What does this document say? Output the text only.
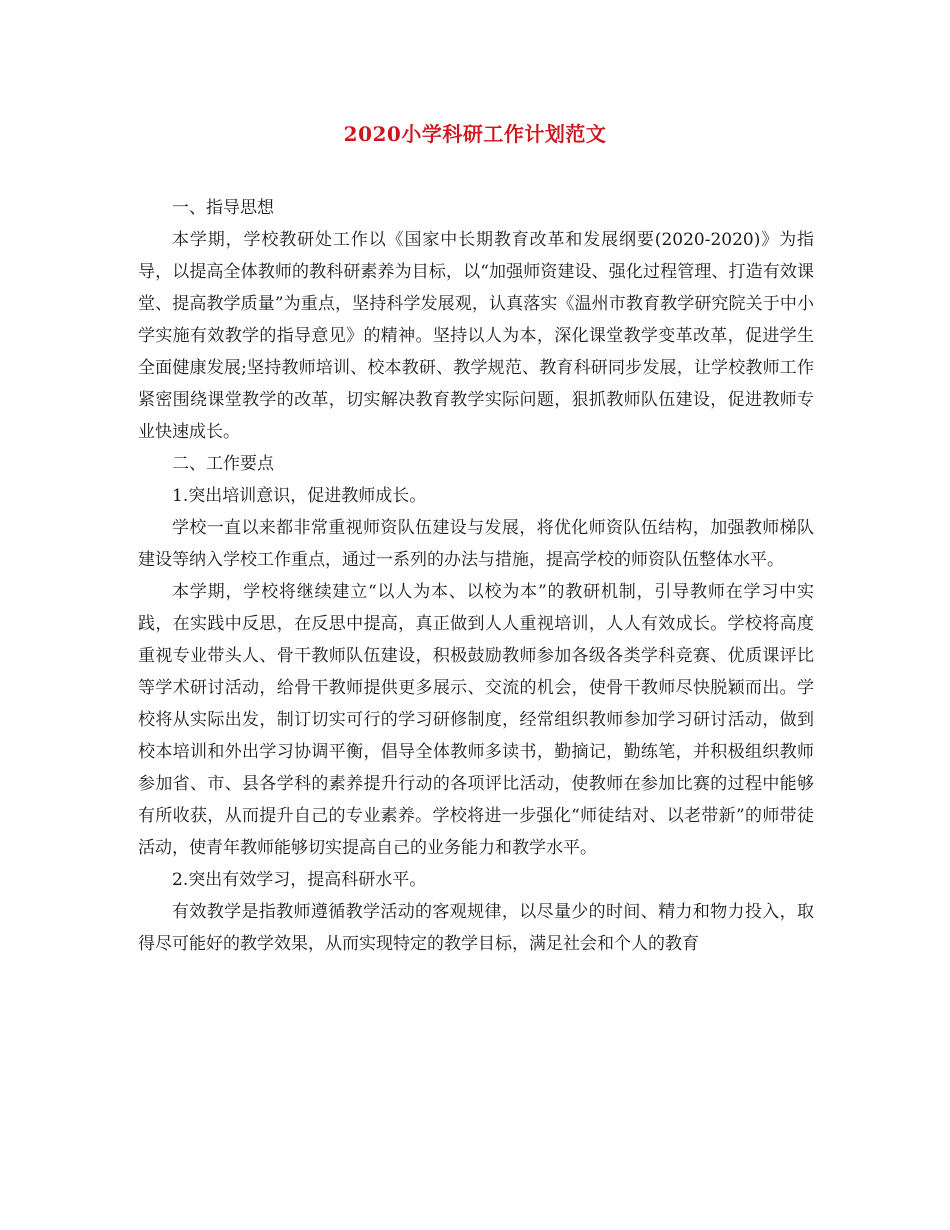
2020小学科研工作计划范文

一、指导思想

本学期，学校教研处工作以《国家中长期教育改革和发展纲要(2020-2020)》为指导，以提高全体教师的教科研素养为目标，以“加强师资建设、强化过程管理、打造有效课堂、提高教学质量”为重点，坚持科学发展观，认真落实《温州市教育教学研究院关于中小学实施有效教学的指导意见》的精神。坚持以人为本，深化课堂教学变革改革，促进学生全面健康发展;坚持教师培训、校本教研、教学规范、教育科研同步发展，让学校教师工作紧密围绕课堂教学的改革，切实解决教育教学实际问题，狠抓教师队伍建设，促进教师专业快速成长。

二、工作要点

1.突出培训意识，促进教师成长。

学校一直以来都非常重视师资队伍建设与发展，将优化师资队伍结构，加强教师梯队建设等纳入学校工作重点，通过一系列的办法与措施，提高学校的师资队伍整体水平。

本学期，学校将继续建立“以人为本、以校为本”的教研机制，引导教师在学习中实践，在实践中反思，在反思中提高，真正做到人人重视培训，人人有效成长。学校将高度重视专业带头人、骨干教师队伍建设，积极鼓励教师参加各级各类学科竞赛、优质课评比等学术研讨活动，给骨干教师提供更多展示、交流的机会，使骨干教师尽快脱颖而出。学校将从实际出发，制订切实可行的学习研修制度，经常组织教师参加学习研讨活动，做到校本培训和外出学习协调平衡，倡导全体教师多读书，勤摘记，勤练笔，并积极组织教师参加省、市、县各学科的素养提升行动的各项评比活动，使教师在参加比赛的过程中能够有所收获，从而提升自己的专业素养。学校将进一步强化“师徒结对、以老带新”的师带徒活动，使青年教师能够切实提高自己的业务能力和教学水平。

2.突出有效学习，提高科研水平。

有效教学是指教师遵循教学活动的客观规律，以尽量少的时间、精力和物力投入，取得尽可能好的教学效果，从而实现特定的教学目标，满足社会和个人的教育
